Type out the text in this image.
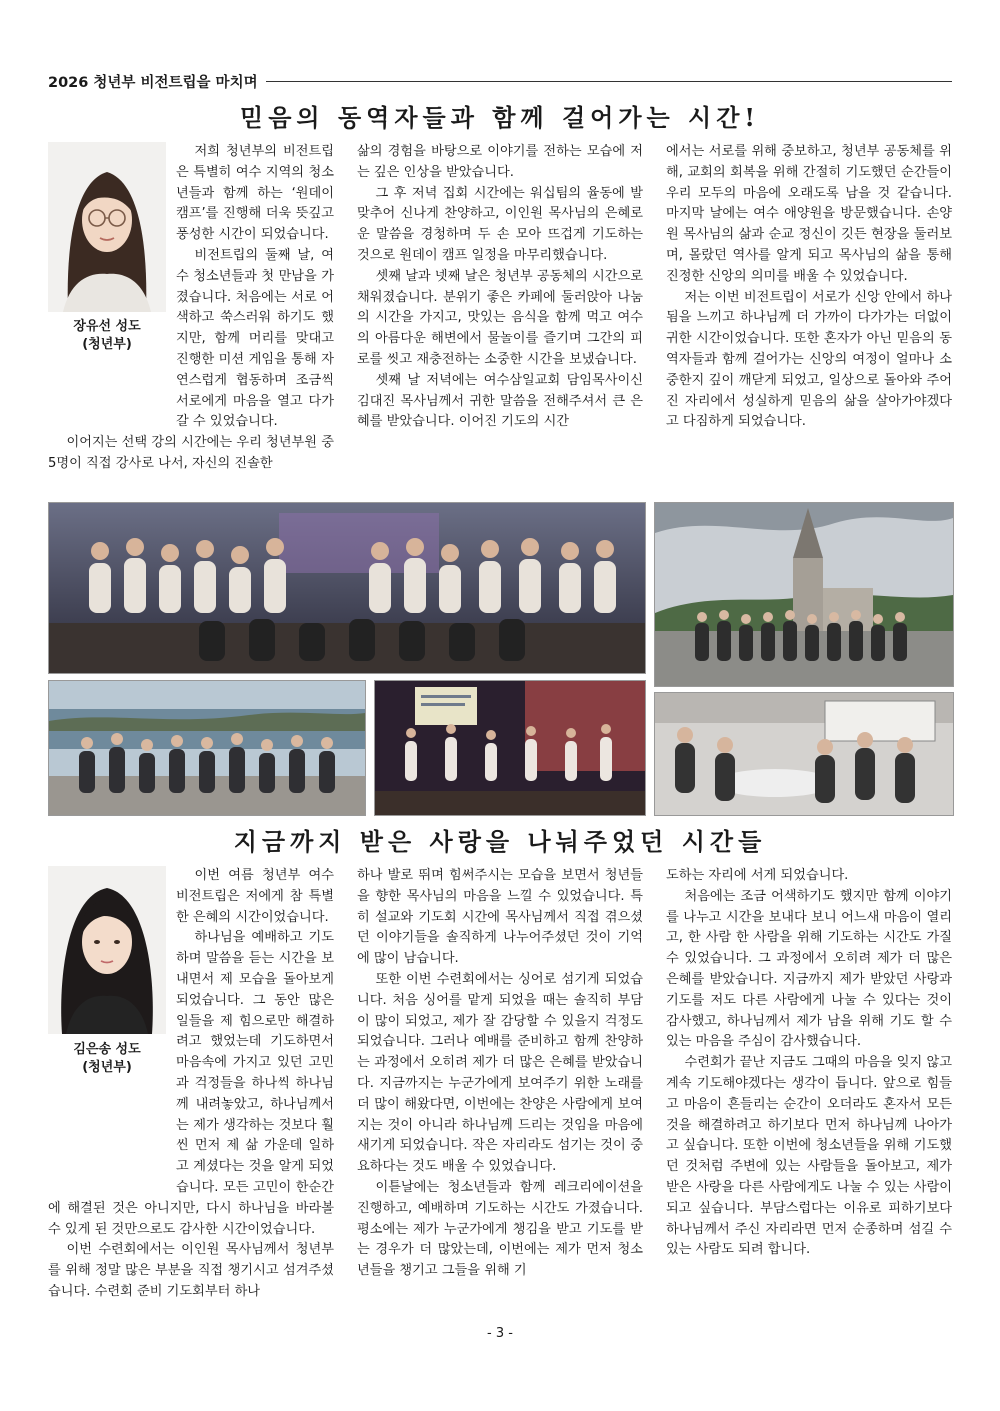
2026 청년부 비전트립을 마치며
믿음의 동역자들과 함께 걸어가는 시간!
장유선 성도
(청년부)

저희 청년부의 비전트립은 특별히 여수 지역의 청소년들과 함께 하는 ‘원데이 캠프’를 진행해 더욱 뜻깊고 풍성한 시간이 되었습니다.

비전트립의 둘째 날, 여수 청소년들과 첫 만남을 가졌습니다. 처음에는 서로 어색하고 쑥스러워 하기도 했지만, 함께 머리를 맞대고 진행한 미션 게임을 통해 자연스럽게 협동하며 조금씩 서로에게 마음을 열고 다가갈 수 있었습니다.

이어지는 선택 강의 시간에는 우리 청년부원 중 5명이 직접 강사로 나서, 자신의 진솔한

삶의 경험을 바탕으로 이야기를 전하는 모습에 저는 깊은 인상을 받았습니다.

그 후 저녁 집회 시간에는 워십팀의 율동에 발맞추어 신나게 찬양하고, 이인원 목사님의 은혜로운 말씀을 경청하며 두 손 모아 뜨겁게 기도하는 것으로 원데이 캠프 일정을 마무리했습니다.

셋째 날과 넷째 날은 청년부 공동체의 시간으로 채워졌습니다. 분위기 좋은 카페에 둘러앉아 나눔의 시간을 가지고, 맛있는 음식을 함께 먹고 여수의 아름다운 해변에서 물놀이를 즐기며 그간의 피로를 씻고 재충전하는 소중한 시간을 보냈습니다.

셋째 날 저녁에는 여수삼일교회 담임목사이신 김대진 목사님께서 귀한 말씀을 전해주셔서 큰 은혜를 받았습니다. 이어진 기도의 시간

에서는 서로를 위해 중보하고, 청년부 공동체를 위해, 교회의 회복을 위해 간절히 기도했던 순간들이 우리 모두의 마음에 오래도록 남을 것 같습니다. 마지막 날에는 여수 애양원을 방문했습니다. 손양원 목사님의 삶과 순교 정신이 깃든 현장을 둘러보며, 몰랐던 역사를 알게 되고 목사님의 삶을 통해 진정한 신앙의 의미를 배울 수 있었습니다.

저는 이번 비전트립이 서로가 신앙 안에서 하나 됨을 느끼고 하나님께 더 가까이 다가가는 더없이 귀한 시간이었습니다. 또한 혼자가 아닌 믿음의 동역자들과 함께 걸어가는 신앙의 여정이 얼마나 소중한지 깊이 깨닫게 되었고, 일상으로 돌아와 주어진 자리에서 성실하게 믿음의 삶을 살아가야겠다고 다짐하게 되었습니다.

지금까지 받은 사랑을 나눠주었던 시간들
김은송 성도
(청년부)

이번 여름 청년부 여수비전트립은 저에게 참 특별한 은혜의 시간이었습니다.

하나님을 예배하고 기도하며 말씀을 듣는 시간을 보내면서 제 모습을 돌아보게 되었습니다. 그 동안 많은 일들을 제 힘으로만 해결하려고 했었는데 기도하면서 마음속에 가지고 있던 고민과 걱정들을 하나씩 하나님께 내려놓았고, 하나님께서는 제가 생각하는 것보다 훨씬 먼저 제 삶 가운데 일하고 계셨다는 것을 알게 되었습니다. 모든 고민이 한순간에 해결된 것은 아니지만, 다시 하나님을 바라볼 수 있게 된 것만으로도 감사한 시간이었습니다.

이번 수련회에서는 이인원 목사님께서 청년부를 위해 정말 많은 부분을 직접 챙기시고 섬겨주셨습니다. 수련회 준비 기도회부터 하나

하나 발로 뛰며 힘써주시는 모습을 보면서 청년들을 향한 목사님의 마음을 느낄 수 있었습니다. 특히 설교와 기도회 시간에 목사님께서 직접 겪으셨던 이야기들을 솔직하게 나누어주셨던 것이 기억에 많이 남습니다.

또한 이번 수련회에서는 싱어로 섬기게 되었습니다. 처음 싱어를 맡게 되었을 때는 솔직히 부담이 많이 되었고, 제가 잘 감당할 수 있을지 걱정도 되었습니다. 그러나 예배를 준비하고 함께 찬양하는 과정에서 오히려 제가 더 많은 은혜를 받았습니다. 지금까지는 누군가에게 보여주기 위한 노래를 더 많이 해왔다면, 이번에는 찬양은 사람에게 보여지는 것이 아니라 하나님께 드리는 것임을 마음에 새기게 되었습니다. 작은 자리라도 섬기는 것이 중요하다는 것도 배울 수 있었습니다.

이튿날에는 청소년들과 함께 레크리에이션을 진행하고, 예배하며 기도하는 시간도 가졌습니다. 평소에는 제가 누군가에게 챙김을 받고 기도를 받는 경우가 더 많았는데, 이번에는 제가 먼저 청소년들을 챙기고 그들을 위해 기

도하는 자리에 서게 되었습니다.

처음에는 조금 어색하기도 했지만 함께 이야기를 나누고 시간을 보내다 보니 어느새 마음이 열리고, 한 사람 한 사람을 위해 기도하는 시간도 가질 수 있었습니다. 그 과정에서 오히려 제가 더 많은 은혜를 받았습니다. 지금까지 제가 받았던 사랑과 기도를 저도 다른 사람에게 나눌 수 있다는 것이 감사했고, 하나님께서 제가 남을 위해 기도 할 수 있는 마음을 주심이 감사했습니다.

수련회가 끝난 지금도 그때의 마음을 잊지 않고 계속 기도해야겠다는 생각이 듭니다. 앞으로 힘들고 마음이 흔들리는 순간이 오더라도 혼자서 모든 것을 해결하려고 하기보다 먼저 하나님께 나아가고 싶습니다. 또한 이번에 청소년들을 위해 기도했던 것처럼 주변에 있는 사람들을 돌아보고, 제가 받은 사랑을 다른 사람에게도 나눌 수 있는 사람이 되고 싶습니다. 부담스럽다는 이유로 피하기보다 하나님께서 주신 자리라면 먼저 순종하며 섬길 수 있는 사람도 되려 합니다.

- 3 -
